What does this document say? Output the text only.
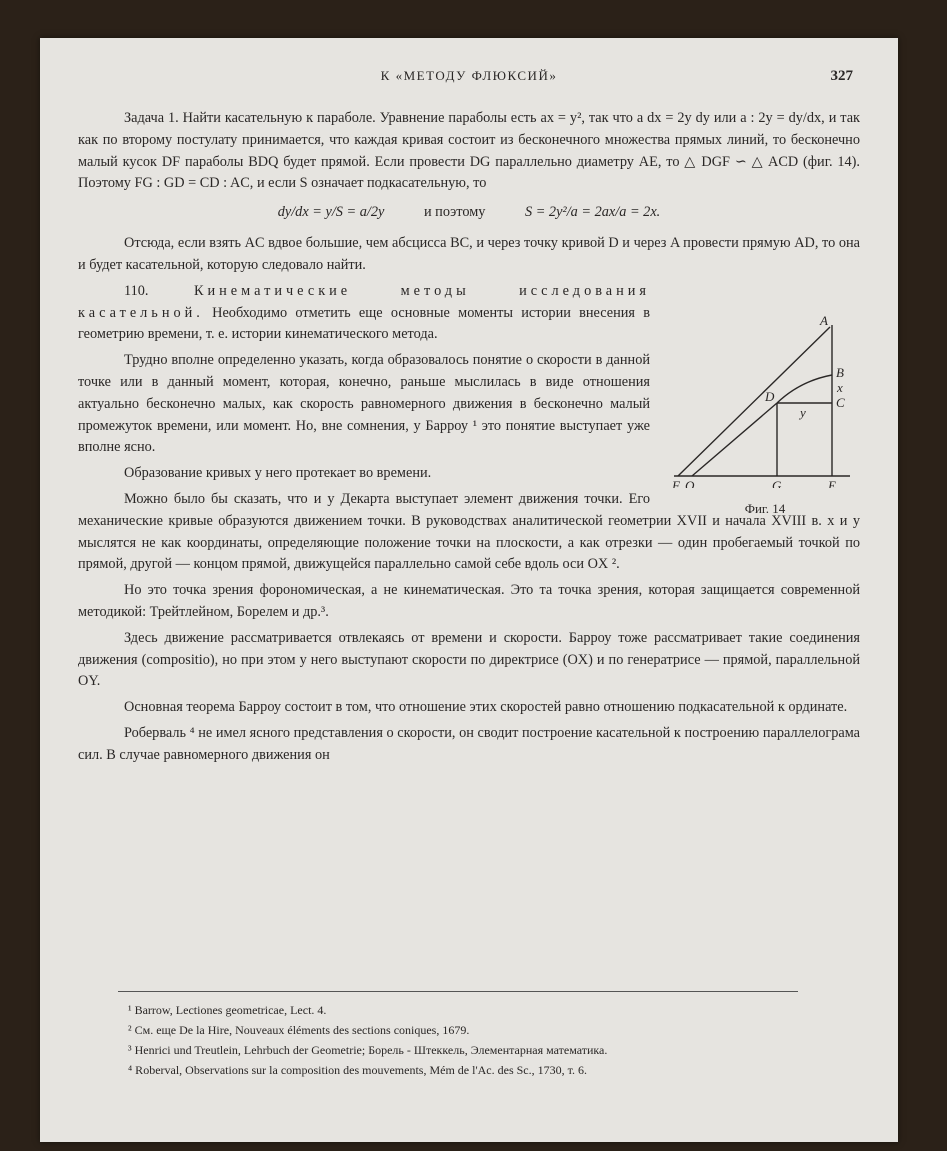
К «МЕТОДУ ФЛЮКСИЙ»	327

Задача 1. Найти касательную к параболе. Уравнение параболы есть ax = y², так что a dx = 2y dy или a : 2y = dy/dx, и так как по второму постулату принимается, что каждая кривая состоит из бесконечного множества прямых линий, то бесконечно малый кусок DF параболы BDQ будет прямой. Если провести DG параллельно диаметру AE, то △ DGF ∽ △ ACD (фиг. 14). Поэтому FG : GD = CD : AC, и если S означает подкасательную, то

dy/dx = y/S = a/2y	и поэтому	S = 2y²/a = 2ax/a = 2x.

Отсюда, если взять AC вдвое большие, чем абсцисса BC, и через точку кривой D и через A провести прямую AD, то она и будет касательной, которую следовало найти.

A
B
x
C
D
y
F Q	G	E
Фиг. 14

110.	Кинематические методы исследования касательной. Необходимо отметить еще основные моменты истории внесения в геометрию времени, т. е. истории кинематического метода.

Трудно вполне определенно указать, когда образовалось понятие о скорости в данной точке или в данный момент, которая, конечно, раньше мыслилась в виде отношения актуально бесконечно малых, как скорость равномерного движения в бесконечно малый промежуток времени, или момент. Но, вне сомнения, у Барроу ¹ это понятие выступает уже вполне ясно.

Образование кривых у него протекает во времени.

Можно было бы сказать, что и у Декарта выступает элемент движения точки. Его механические кривые образуются движением точки. В руководствах аналитической геометрии XVII и начала XVIII в. x и y мыслятся не как координаты, определяющие положение точки на плоскости, а как отрезки — один пробегаемый точкой по прямой, другой — концом прямой, движущейся параллельно самой себе вдоль оси OX ².

Но это точка зрения форономическая, а не кинематическая. Это та точка зрения, которая защищается современной методикой: Трейтлейном, Борелем и др.³.

Здесь движение рассматривается отвлекаясь от времени и скорости. Барроу тоже рассматривает такие соединения движения (compositio), но при этом у него выступают скорости по директрисе (OX) и по генератрисе — прямой, параллельной OY.

Основная теорема Барроу состоит в том, что отношение этих скоростей равно отношению подкасательной к ординате.

Роберваль ⁴ не имел ясного представления о скорости, он сводит построение касательной к построению параллелограма сил. В случае равномерного движения он

¹ Barrow, Lectiones geometricae, Lect. 4.
² См. еще De la Hire, Nouveaux éléments des sections coniques, 1679.
³ Henrici und Treutlein, Lehrbuch der Geometrie; Борель - Штеккель, Элементарная математика.
⁴ Roberval, Observations sur la composition des mouvements, Mém de l'Ac. des Sc., 1730, т. 6.
